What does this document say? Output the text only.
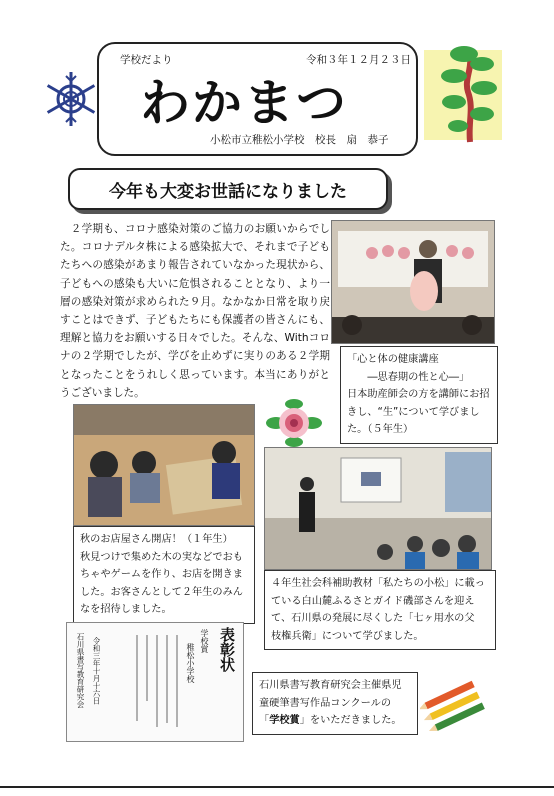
学校だより	令和３年１２月２３日
わかまつ
小松市立稚松小学校　校長　扇　恭子
今年も大変お世話になりました
　２学期も、コロナ感染対策のご協力のお願いからでした。コロナデルタ株による感染拡大で、それまで子どもたちへの感染があまり報告されていなかった現状から、子どもへの感染も大いに危惧されることとなり、より一層の感染対策が求められた９月。なかなか日常を取り戻すことはできず、子どもたちにも保護者の皆さんにも、理解と協力をお願いする日々でした。そんな、Withコロナの２学期でしたが、学びを止めずに実りのある２学期となったことをうれしく思っています。本当にありがとうございました。
「心と体の健康講座
　　―思春期の性と心―」
日本助産師会の方を講師にお招きし、“生”について学びました。（５年生）
秋のお店屋さん開店！（１年生）
秋見つけで集めた木の実などでおもちゃやゲームを作り、お店を開きました。お客さんとして２年生のみんなを招待しました。
４年生社会科補助教材「私たちの小松」に載っている白山麓ふるさとガイド磯部さんを迎えて、石川県の発展に尽くした「七ヶ用水の父　枝権兵衛」について学びました。
表彰状
学校賞
稚松小学校
令和三年十月十六日
石川県書写教育研究会	石川県書写教育研究会主催県児童硬筆書写作品コンクールの「学校賞」をいただきました。
